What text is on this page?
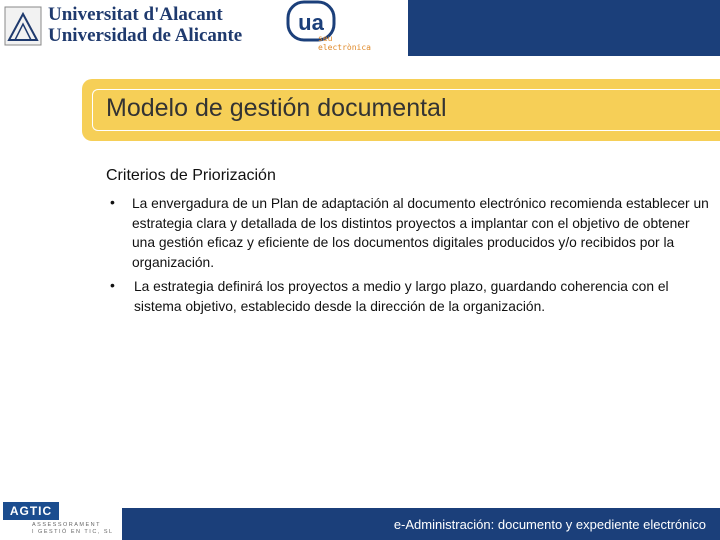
Universitat d'Alacant
Universidad de Alicante
ua
seu
electrònica
Modelo de gestión documental
Criterios de Priorización
• La envergadura de un Plan de adaptación al documento electrónico recomienda establecer un estrategia clara y detallada de los distintos proyectos a implantar con el objetivo de obtener una gestión eficaz y eficiente de los documentos digitales producidos y/o recibidos por la organización.
• La estrategia definirá los proyectos a medio y largo plazo, guardando coherencia con el sistema objetivo, establecido desde la dirección de la organización.
AGTIC
ASSESSORAMENT
I GESTIÓ EN TIC, SL	e-Administración: documento y expediente electrónico
